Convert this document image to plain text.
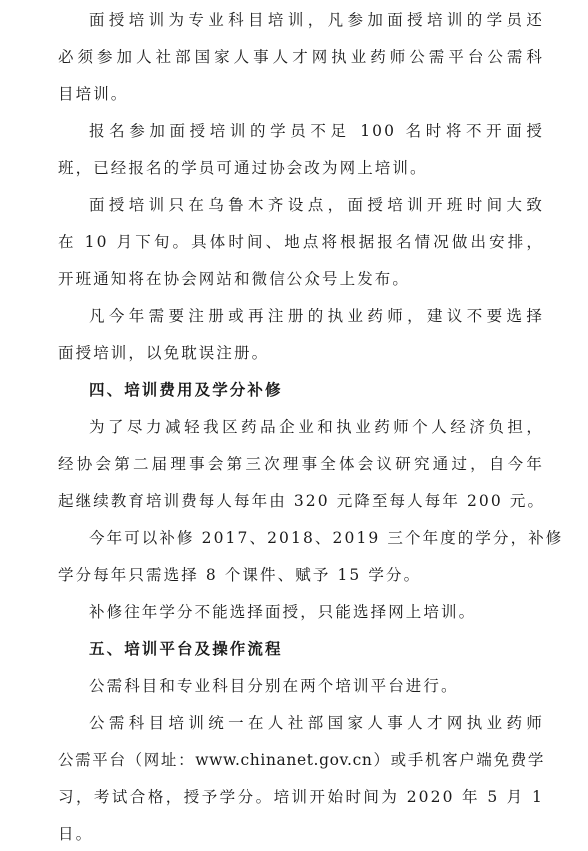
面授培训为专业科目培训，凡参加面授培训的学员还
必须参加人社部国家人事人才网执业药师公需平台公需科
目培训。
报名参加面授培训的学员不足 100 名时将不开面授
班，已经报名的学员可通过协会改为网上培训。
面授培训只在乌鲁木齐设点，面授培训开班时间大致
在 10 月下旬。具体时间、地点将根据报名情况做出安排，
开班通知将在协会网站和微信公众号上发布。
凡今年需要注册或再注册的执业药师，建议不要选择
面授培训，以免耽误注册。
四、培训费用及学分补修
为了尽力减轻我区药品企业和执业药师个人经济负担，
经协会第二届理事会第三次理事全体会议研究通过，自今年
起继续教育培训费每人每年由 320 元降至每人每年 200 元。
今年可以补修 2017、2018、2019 三个年度的学分，补修
学分每年只需选择 8 个课件、赋予 15 学分。
补修往年学分不能选择面授，只能选择网上培训。
五、培训平台及操作流程
公需科目和专业科目分别在两个培训平台进行。
公需科目培训统一在人社部国家人事人才网执业药师
公需平台（网址：www.chinanet.gov.cn）或手机客户端免费学
习，考试合格，授予学分。培训开始时间为 2020 年 5 月 1
日。
